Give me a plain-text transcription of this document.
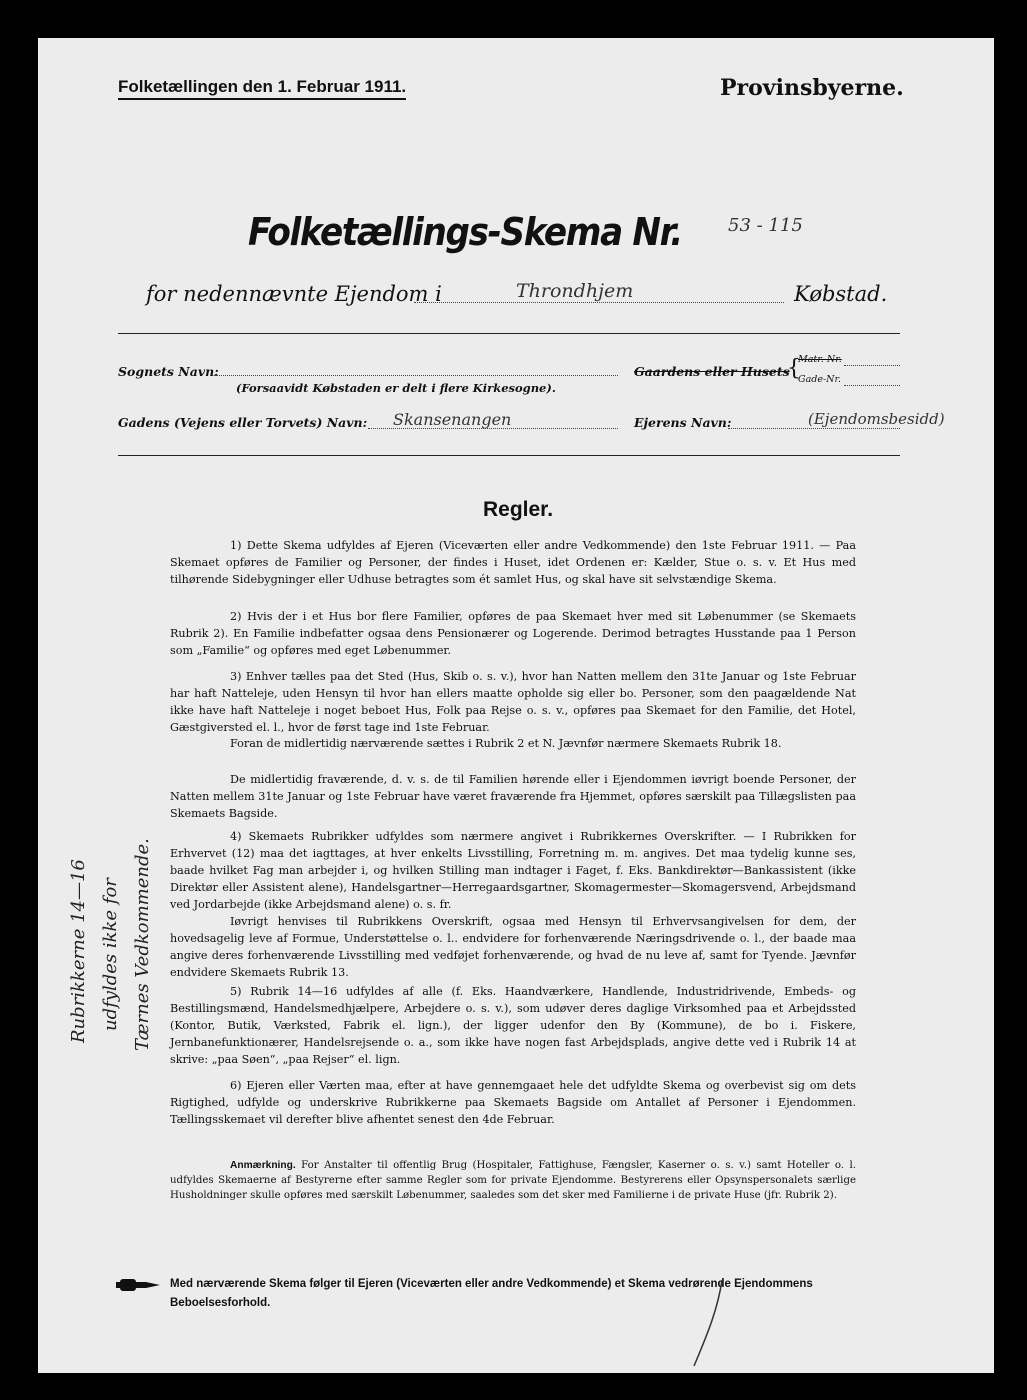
Folketællingen den 1. Februar 1911.	Provinsbyerne.
Folketællings-Skema Nr.	53 - 115
for nedennævnte Ejendom i	Throndhjem	Købstad.
Sognets Navn:
(Forsaavidt Købstaden er delt i flere Kirkesogne).
Gaardens eller Husets
{
Matr.-Nr.
Gade-Nr.
Gadens (Vejens eller Torvets) Navn: Skansenangen	Ejerens Navn:	(Ejendomsbesidd)
Regler.
1) Dette Skema udfyldes af Ejeren (Viceværten eller andre Vedkommende) den 1ste Februar 1911. — Paa Skemaet opføres de Familier og Personer, der findes i Huset, idet Ordenen er: Kælder, Stue o. s. v. Et Hus med tilhørende Sidebygninger eller Udhuse betragtes som ét samlet Hus, og skal have sit selvstændige Skema.
2) Hvis der i et Hus bor flere Familier, opføres de paa Skemaet hver med sit Løbenummer (se Skemaets Rubrik 2). En Familie indbefatter ogsaa dens Pensionærer og Logerende. Derimod betragtes Husstande paa 1 Person som „Familie“ og opføres med eget Løbenummer.
3) Enhver tælles paa det Sted (Hus, Skib o. s. v.), hvor han Natten mellem den 31te Januar og 1ste Februar har haft Natteleje, uden Hensyn til hvor han ellers maatte opholde sig eller bo. Personer, som den paagældende Nat ikke have haft Natteleje i noget beboet Hus, Folk paa Rejse o. s. v., opføres paa Skemaet for den Familie, det Hotel, Gæstgiversted el. l., hvor de først tage ind 1ste Februar.
Foran de midlertidig nærværende sættes i Rubrik 2 et N. Jævnfør nærmere Skemaets Rubrik 18.
De midlertidig fraværende, d. v. s. de til Familien hørende eller i Ejendommen iøvrigt boende Personer, der Natten mellem 31te Januar og 1ste Februar have været fraværende fra Hjemmet, opføres særskilt paa Tillægslisten paa Skemaets Bagside.
4) Skemaets Rubrikker udfyldes som nærmere angivet i Rubrikkernes Overskrifter. — I Rubrikken for Erhvervet (12) maa det iagttages, at hver enkelts Livsstilling, Forretning m. m. angives. Det maa tydelig kunne ses, baade hvilket Fag man arbejder i, og hvilken Stilling man indtager i Faget, f. Eks. Bankdirektør—Bankassistent (ikke Direktør eller Assistent alene), Handelsgartner—Herregaardsgartner, Skomagermester—Skomagersvend, Arbejdsmand ved Jordarbejde (ikke Arbejdsmand alene) o. s. fr.
Iøvrigt henvises til Rubrikkens Overskrift, ogsaa med Hensyn til Erhvervsangivelsen for dem, der hovedsagelig leve af Formue, Understøttelse o. l.. endvidere for forhenværende Næringsdrivende o. l., der baade maa angive deres forhenværende Livsstilling med vedføjet forhenværende, og hvad de nu leve af, samt for Tyende. Jævnfør endvidere Skemaets Rubrik 13.
5) Rubrik 14—16 udfyldes af alle (f. Eks. Haandværkere, Handlende, Industridrivende, Embeds- og Bestillingsmænd, Handelsmedhjælpere, Arbejdere o. s. v.), som udøver deres daglige Virksomhed paa et Arbejdssted (Kontor, Butik, Værksted, Fabrik el. lign.), der ligger udenfor den By (Kommune), de bo i. Fiskere, Jernbanefunktionærer, Handelsrejsende o. a., som ikke have nogen fast Arbejdsplads, angive dette ved i Rubrik 14 at skrive: „paa Søen“, „paa Rejser“ el. lign.
6) Ejeren eller Værten maa, efter at have gennemgaaet hele det udfyldte Skema og overbevist sig om dets Rigtighed, udfylde og underskrive Rubrikkerne paa Skemaets Bagside om Antallet af Personer i Ejendommen. Tællingsskemaet vil derefter blive afhentet senest den 4de Februar.
Anmærkning. For Anstalter til offentlig Brug (Hospitaler, Fattighuse, Fængsler, Kaserner o. s. v.) samt Hoteller o. l. udfyldes Skemaerne af Bestyrerne efter samme Regler som for private Ejendomme. Bestyrerens eller Opsynspersonalets særlige Husholdninger skulle opføres med særskilt Løbenummer, saaledes som det sker med Familierne i de private Huse (jfr. Rubrik 2).
Rubrikkerne 14—16 udfyldes ikke for Tærnes Vedkommende.
Med nærværende Skema følger til Ejeren (Viceværten eller andre Vedkommende) et Skema vedrørende Ejendommens Beboelsesforhold.
